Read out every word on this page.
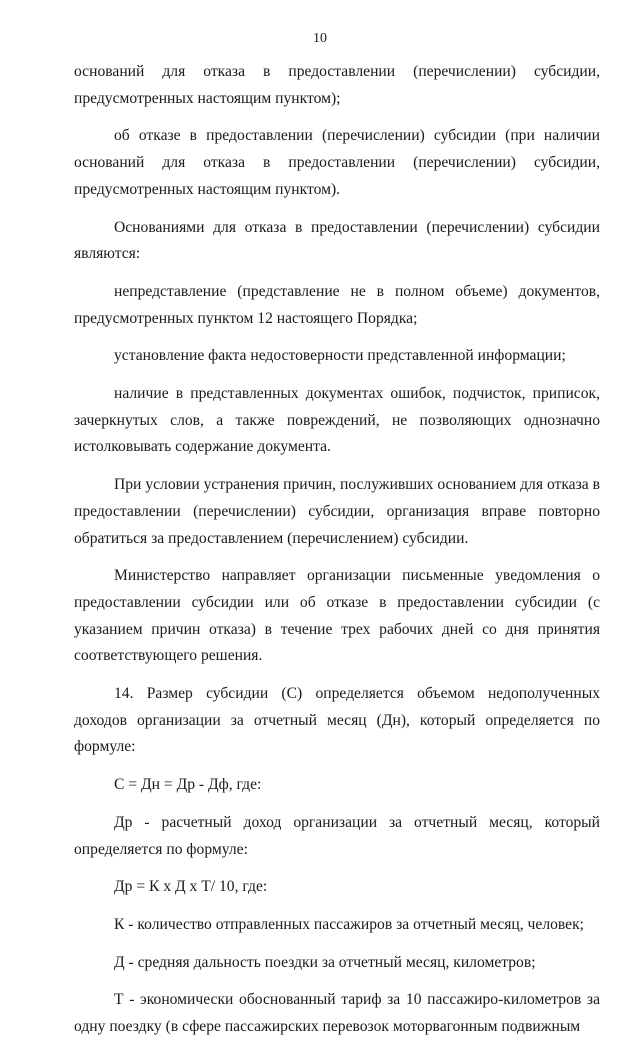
10

оснований для отказа в предоставлении (перечислении) субсидии, предусмотренных настоящим пунктом);

об отказе в предоставлении (перечислении) субсидии (при наличии оснований для отказа в предоставлении (перечислении) субсидии, предусмотренных настоящим пунктом).

Основаниями для отказа в предоставлении (перечислении) субсидии являются:

непредставление (представление не в полном объеме) документов, предусмотренных пунктом 12 настоящего Порядка;

установление факта недостоверности представленной информации;

наличие в представленных документах ошибок, подчисток, приписок, зачеркнутых слов, а также повреждений, не позволяющих однозначно истолковывать содержание документа.

При условии устранения причин, послуживших основанием для отказа в предоставлении (перечислении) субсидии, организация вправе повторно обратиться за предоставлением (перечислением) субсидии.

Министерство направляет организации письменные уведомления о предоставлении субсидии или об отказе в предоставлении субсидии (с указанием причин отказа) в течение трех рабочих дней со дня принятия соответствующего решения.

14. Размер субсидии (С) определяется объемом недополученных доходов организации за отчетный месяц (Дн), который определяется по формуле:

С = Дн = Др - Дф, где:

Др - расчетный доход организации за отчетный месяц, который определяется по формуле:

Др = К x Д x Т/ 10, где:

К - количество отправленных пассажиров за отчетный месяц, человек;

Д - средняя дальность поездки за отчетный месяц, километров;

Т - экономически обоснованный тариф за 10 пассажиро-километров за одну поездку (в сфере пассажирских перевозок моторвагонным подвижным
